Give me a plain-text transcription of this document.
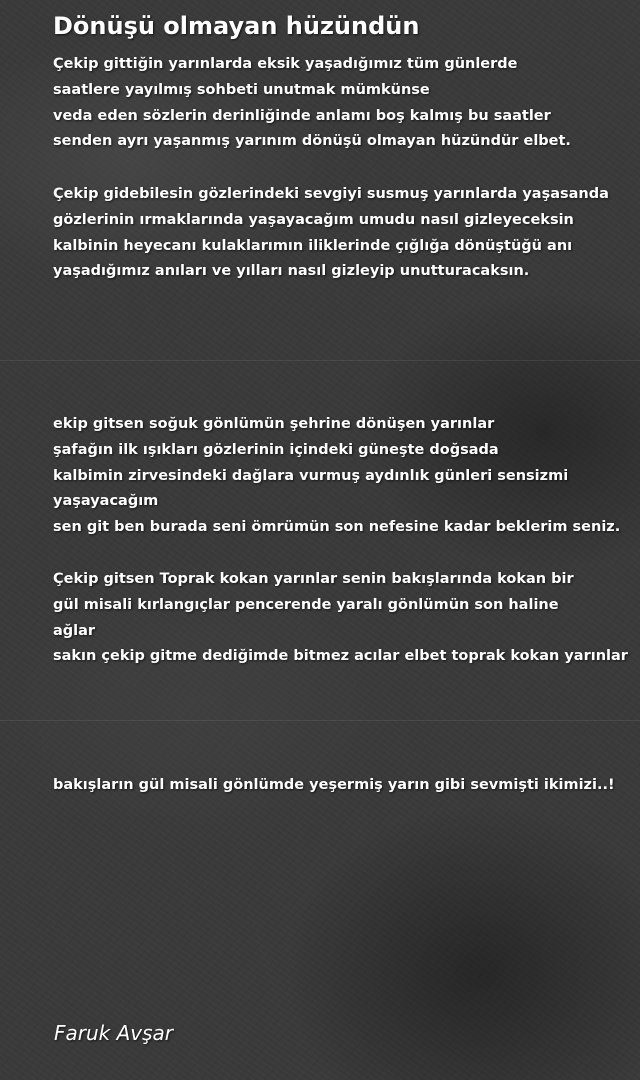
Dönüşü olmayan hüzündün
Çekip gittiğin yarınlarda eksik yaşadığımız tüm günlerde
saatlere yayılmış sohbeti unutmak mümkünse
veda eden sözlerin derinliğinde anlamı boş kalmış bu saatler
senden ayrı yaşanmış yarınım dönüşü olmayan hüzündür elbet.
Çekip gidebilesin gözlerindeki sevgiyi susmuş yarınlarda yaşasanda
gözlerinin ırmaklarında yaşayacağım umudu nasıl gizleyeceksin
kalbinin heyecanı kulaklarımın iliklerinde çığlığa dönüştüğü anı
yaşadığımız anıları ve yılları nasıl gizleyip unutturacaksın.
ekip gitsen soğuk gönlümün şehrine dönüşen yarınlar
şafağın ilk ışıkları gözlerinin içindeki güneşte doğsada
kalbimin zirvesindeki dağlara vurmuş aydınlık günleri sensizmi
yaşayacağım
sen git ben burada seni ömrümün son nefesine kadar beklerim seniz.
Çekip gitsen Toprak kokan yarınlar senin bakışlarında kokan bir
gül misali kırlangıçlar pencerende yaralı gönlümün son haline
ağlar
sakın çekip gitme dediğimde bitmez acılar elbet toprak kokan yarınlar
bakışların gül misali gönlümde yeşermiş yarın gibi sevmişti ikimizi..!
Faruk Avşar
